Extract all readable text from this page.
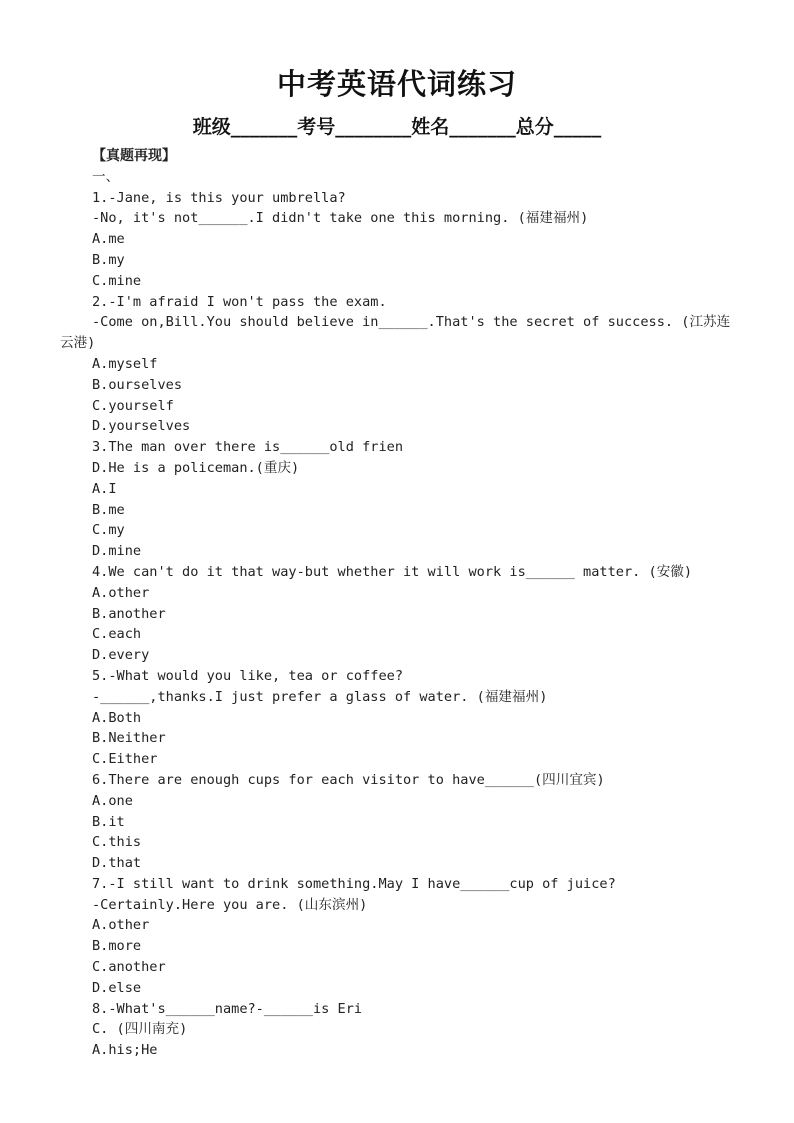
中考英语代词练习
班级_______考号________姓名_______总分_____
【真题再现】
一、
1.-Jane, is this your umbrella?
-No, it's not______.I didn't take one this morning. (福建福州)
A.me
B.my
C.mine
2.-I'm afraid I won't pass the exam.
-Come on,Bill.You should believe in______.That's the secret of success. (江苏连
云港)
A.myself
B.ourselves
C.yourself
D.yourselves
3.The man over there is______old frien
D.He is a policeman.(重庆)
A.I
B.me
C.my
D.mine
4.We can't do it that way-but whether it will work is______ matter. (安徽)
A.other
B.another
C.each
D.every
5.-What would you like, tea or coffee?
-______,thanks.I just prefer a glass of water. (福建福州)
A.Both
B.Neither
C.Either
6.There are enough cups for each visitor to have______(四川宜宾)
A.one
B.it
C.this
D.that
7.-I still want to drink something.May I have______cup of juice?
-Certainly.Here you are. (山东滨州)
A.other
B.more
C.another
D.else
8.-What's______name?-______is Eri
C. (四川南充)
A.his;He
